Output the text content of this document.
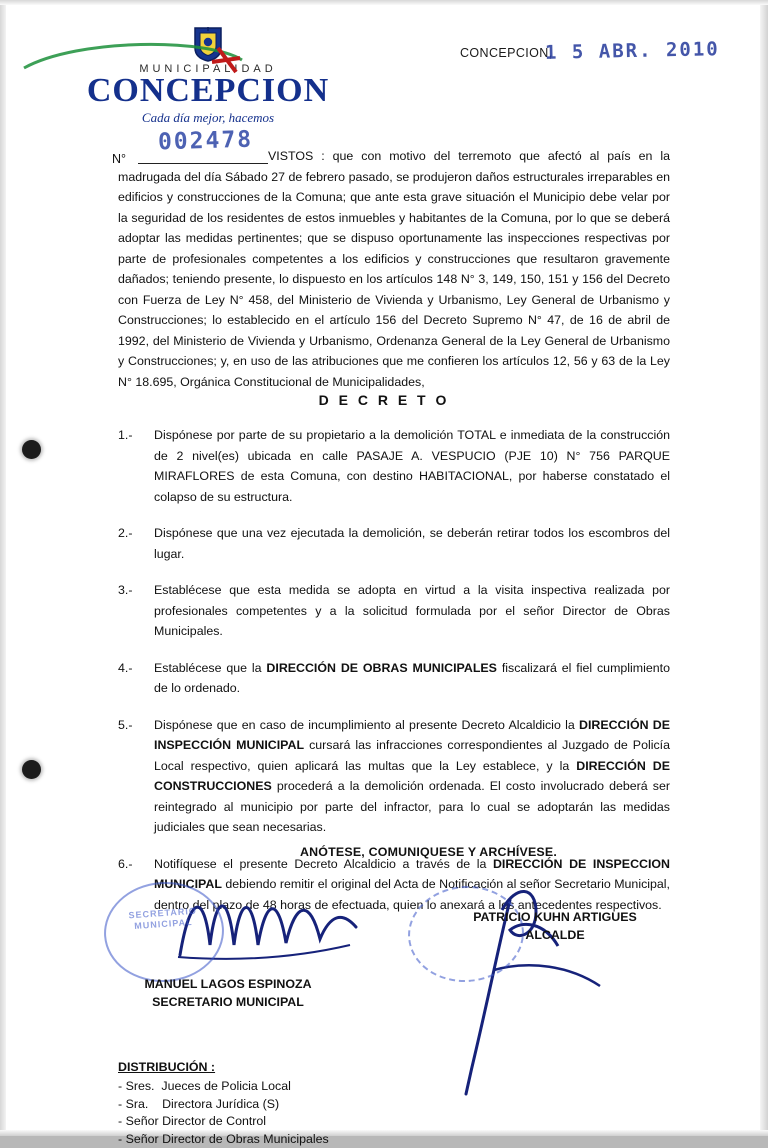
MUNICIPALIDAD
CONCEPCION
Cada día mejor, hacemos
CONCEPCION,
1 5 ABR. 2010
N°
002478
VISTOS : que con motivo del terremoto que afectó al país en la madrugada del día Sábado 27 de febrero pasado, se produjeron daños estructurales irreparables en edificios y construcciones de la Comuna; que ante esta grave situación el Municipio debe velar por la seguridad de los residentes de estos inmuebles y habitantes de la Comuna, por lo que se deberá adoptar las medidas pertinentes; que se dispuso oportunamente las inspecciones respectivas por parte de profesionales competentes a los edificios y construcciones que resultaron gravemente dañados; teniendo presente, lo dispuesto en los artículos 148 N° 3, 149, 150, 151 y 156 del Decreto con Fuerza de Ley N° 458, del Ministerio de Vivienda y Urbanismo, Ley General de Urbanismo y Construcciones; lo establecido en el artículo 156 del Decreto Supremo N° 47, de 16 de abril de 1992, del Ministerio de Vivienda y Urbanismo, Ordenanza General de la Ley General de Urbanismo y Construcciones; y, en uso de las atribuciones que me confieren los artículos 12, 56 y 63 de la Ley N° 18.695, Orgánica Constitucional de Municipalidades,
D E C R E T O
1.-	Dispónese por parte de su propietario a la demolición TOTAL e inmediata de la construcción de 2 nivel(es) ubicada en calle PASAJE A. VESPUCIO (PJE 10) N° 756 PARQUE MIRAFLORES de esta Comuna, con destino HABITACIONAL, por haberse constatado el colapso de su estructura.
2.-	Dispónese que una vez ejecutada la demolición, se deberán retirar todos los escombros del lugar.
3.-	Establécese que esta medida se adopta en virtud a la visita inspectiva realizada por profesionales competentes y a la solicitud formulada por el señor Director de Obras Municipales.
4.-	Establécese que la DIRECCIÓN DE OBRAS MUNICIPALES fiscalizará el fiel cumplimiento de lo ordenado.
5.-	Dispónese que en caso de incumplimiento al presente Decreto Alcaldicio la DIRECCIÓN DE INSPECCIÓN MUNICIPAL cursará las infracciones correspondientes al Juzgado de Policía Local respectivo, quien aplicará las multas que la Ley establece, y la DIRECCIÓN DE CONSTRUCCIONES procederá a la demolición ordenada. El costo involucrado deberá ser reintegrado al municipio por parte del infractor, para lo cual se adoptarán las medidas judiciales que sean necesarias.
6.-	Notifíquese el presente Decreto Alcaldicio a través de la DIRECCIÓN DE INSPECCION MUNICIPAL debiendo remitir el original del Acta de Notificación al señor Secretario Municipal, dentro del plazo de 48 horas de efectuada, quien lo anexará a los antecedentes respectivos.
ANÓTESE, COMUNIQUESE Y ARCHÍVESE.
SECRETARIO MUNICIPAL	PATRICIO KUHN ARTIGUES
ALCALDE
MANUEL LAGOS ESPINOZA
SECRETARIO MUNICIPAL
DISTRIBUCIÓN :
- Sres.  Jueces de Policia Local
- Sra.    Directora Jurídica (S)
- Señor Director de Control
- Señor Director de Obras Municipales
